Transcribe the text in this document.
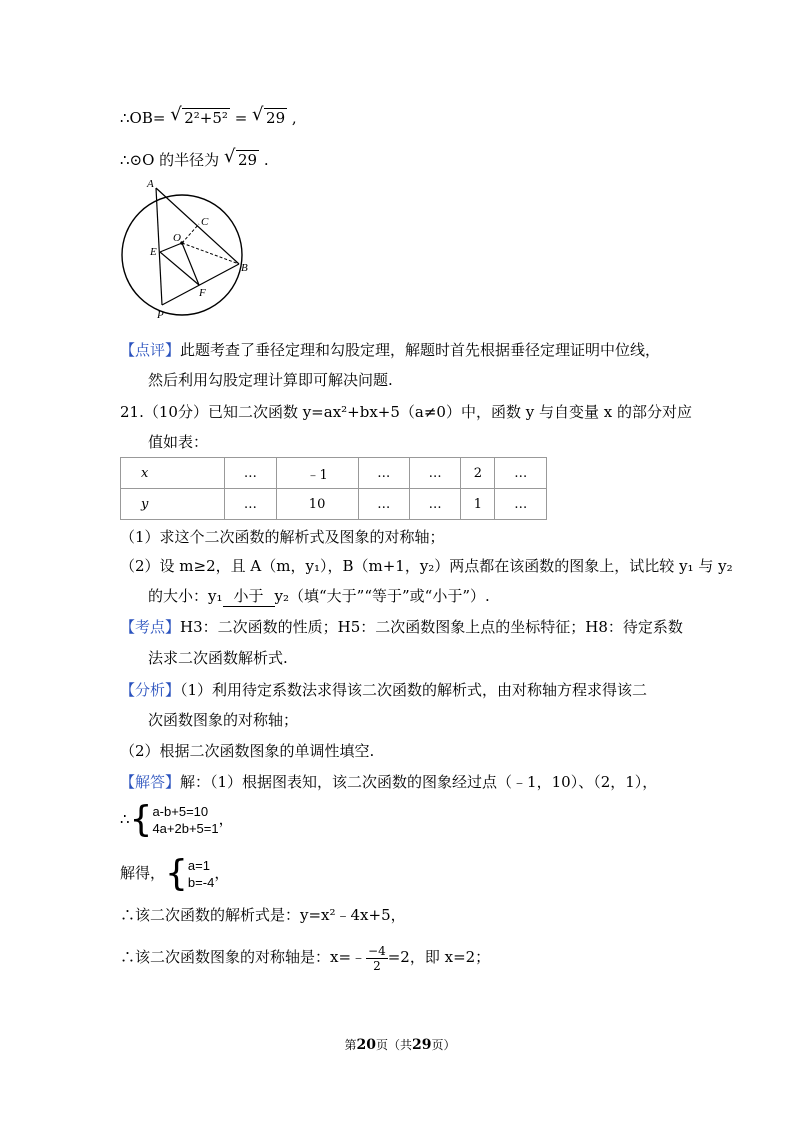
∴OB= √ 2²+5² = √ 29 ,
∴⊙O 的半径为 √ 29 .
A
C
O
E
B
F
P
【点评】此题考查了垂径定理和勾股定理，解题时首先根据垂径定理证明中位线，
然后利用勾股定理计算即可解决问题.
21.（10分）已知二次函数 y=ax²+bx+5（a≠0）中，函数 y 与自变量 x 的部分对应
值如表：
x	…	﹣1	…	…	2	…
y	…	10	…	…	1	…
（1）求这个二次函数的解析式及图象的对称轴；
（2）设 m≥2，且 A（m，y₁），B（m+1，y₂）两点都在该函数的图象上，试比较 y₁ 与 y₂
的大小：y₁ 小于 y₂（填“大于”“等于”或“小于”）.
【考点】H3：二次函数的性质；H5：二次函数图象上点的坐标特征；H8：待定系数
法求二次函数解析式.
【分析】（1）利用待定系数法求得该二次函数的解析式，由对称轴方程求得该二
次函数图象的对称轴；
（2）根据二次函数图象的单调性填空.
【解答】解：（1）根据图表知，该二次函数的图象经过点（﹣1，10）、（2，1），
∴{ a-b+5=10
4a+2b+5=1
，
解得，{ a=1
b=-4
，
∴该二次函数的解析式是：y=x²﹣4x+5，
∴该二次函数图象的对称轴是：x=﹣ $\frac{-4}{2} =2$，即 x=2；
第20页（共29页）
